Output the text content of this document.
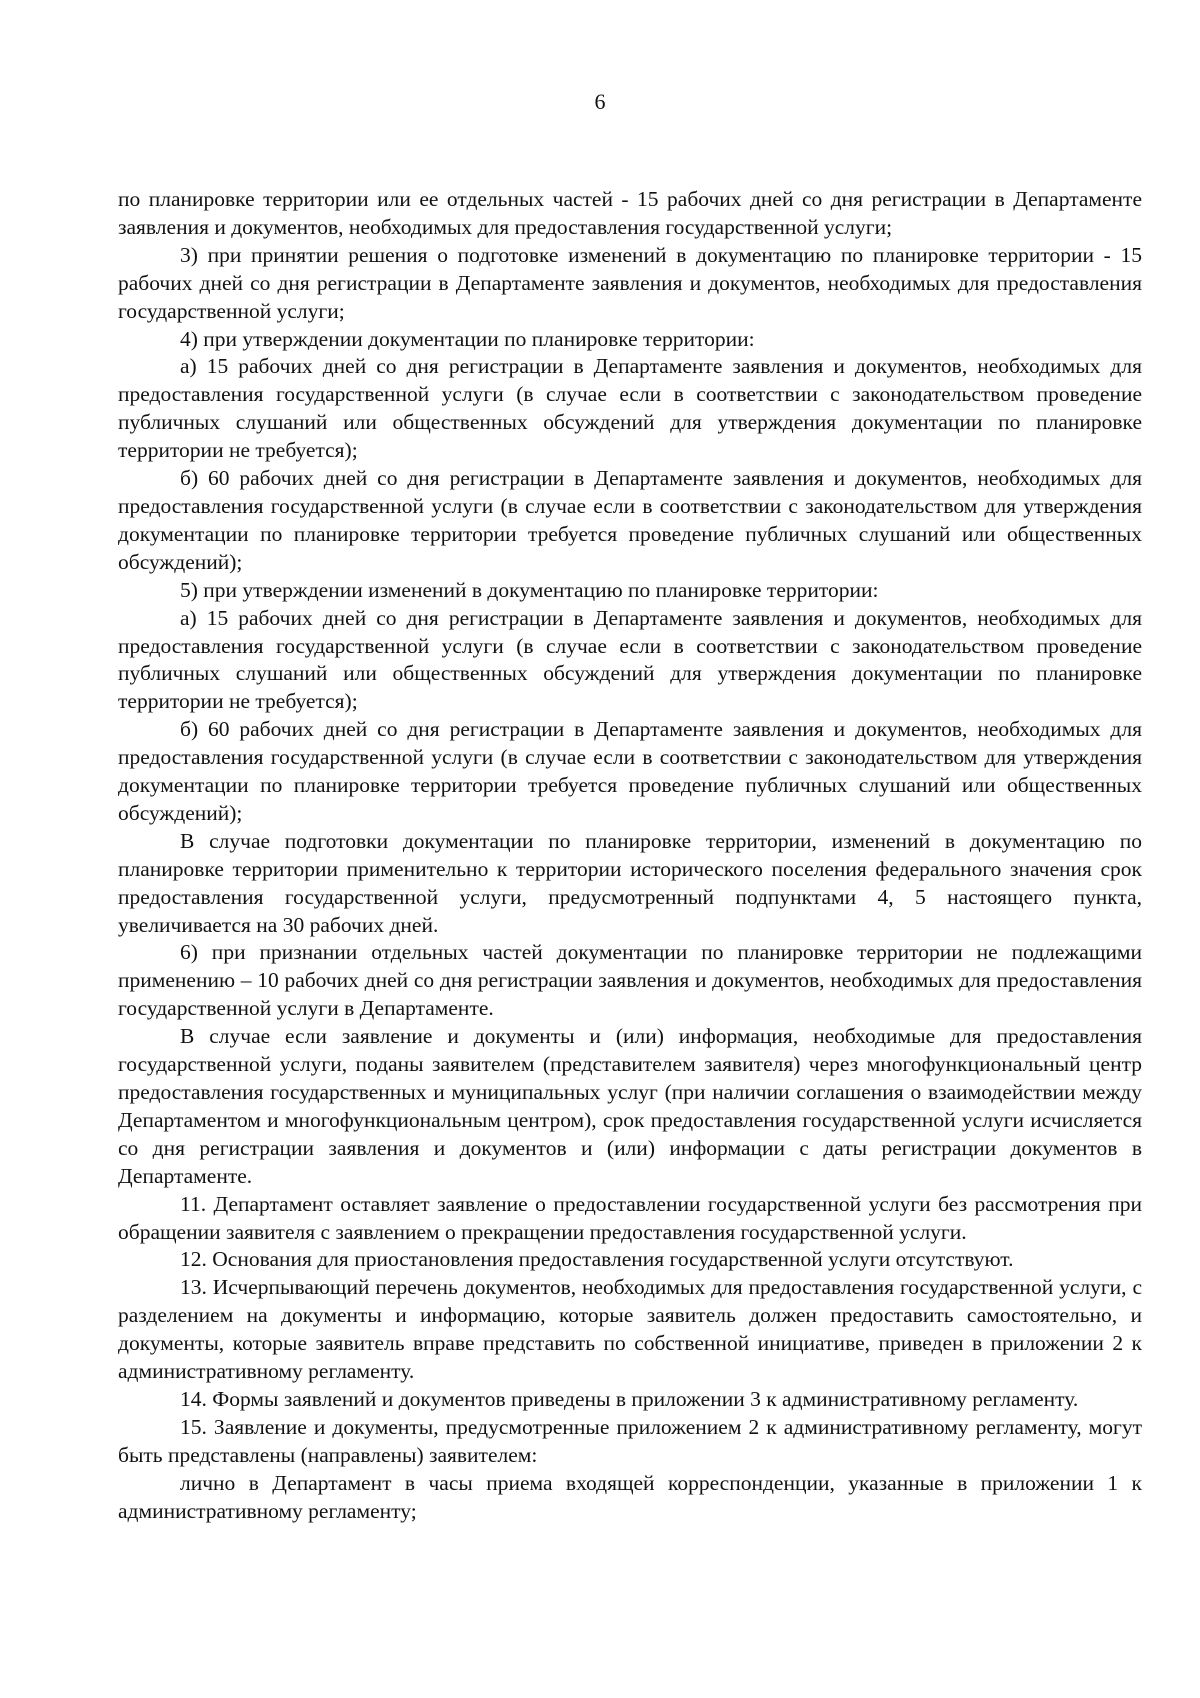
6

по планировке территории или ее отдельных частей - 15 рабочих дней со дня регистрации в Департаменте заявления и документов, необходимых для предоставления государственной услуги;

3) при принятии решения о подготовке изменений в документацию по планировке территории - 15 рабочих дней со дня регистрации в Департаменте заявления и документов, необходимых для предоставления государственной услуги;

4) при утверждении документации по планировке территории:

а) 15 рабочих дней со дня регистрации в Департаменте заявления и документов, необходимых для предоставления государственной услуги (в случае если в соответствии с законодательством проведение публичных слушаний или общественных обсуждений для утверждения документации по планировке территории не требуется);

б) 60 рабочих дней со дня регистрации в Департаменте заявления и документов, необходимых для предоставления государственной услуги (в случае если в соответствии с законодательством для утверждения документации по планировке территории требуется проведение публичных слушаний или общественных обсуждений);

5) при утверждении изменений в документацию по планировке территории:

а) 15 рабочих дней со дня регистрации в Департаменте заявления и документов, необходимых для предоставления государственной услуги (в случае если в соответствии с законодательством проведение публичных слушаний или общественных обсуждений для утверждения документации по планировке территории не требуется);

б) 60 рабочих дней со дня регистрации в Департаменте заявления и документов, необходимых для предоставления государственной услуги (в случае если в соответствии с законодательством для утверждения документации по планировке территории требуется проведение публичных слушаний или общественных обсуждений);

В случае подготовки документации по планировке территории, изменений в документацию по планировке территории применительно к территории исторического поселения федерального значения срок предоставления государственной услуги, предусмотренный подпунктами 4, 5 настоящего пункта, увеличивается на 30 рабочих дней.

6) при признании отдельных частей документации по планировке территории не подлежащими применению – 10 рабочих дней со дня регистрации заявления и документов, необходимых для предоставления государственной услуги в Департаменте.

В случае если заявление и документы и (или) информация, необходимые для предоставления государственной услуги, поданы заявителем (представителем заявителя) через многофункциональный центр предоставления государственных и муниципальных услуг (при наличии соглашения о взаимодействии между Департаментом и многофункциональным центром), срок предоставления государственной услуги исчисляется со дня регистрации заявления и документов и (или) информации с даты регистрации документов в Департаменте.

11. Департамент оставляет заявление о предоставлении государственной услуги без рассмотрения при обращении заявителя с заявлением о прекращении предоставления государственной услуги.

12. Основания для приостановления предоставления государственной услуги отсутствуют.

13. Исчерпывающий перечень документов, необходимых для предоставления государственной услуги, с разделением на документы и информацию, которые заявитель должен предоставить самостоятельно, и документы, которые заявитель вправе представить по собственной инициативе, приведен в приложении 2 к административному регламенту.

14. Формы заявлений и документов приведены в приложении 3 к административному регламенту.

15. Заявление и документы, предусмотренные приложением 2 к административному регламенту, могут быть представлены (направлены) заявителем:

лично в Департамент в часы приема входящей корреспонденции, указанные в приложении 1 к административному регламенту;
